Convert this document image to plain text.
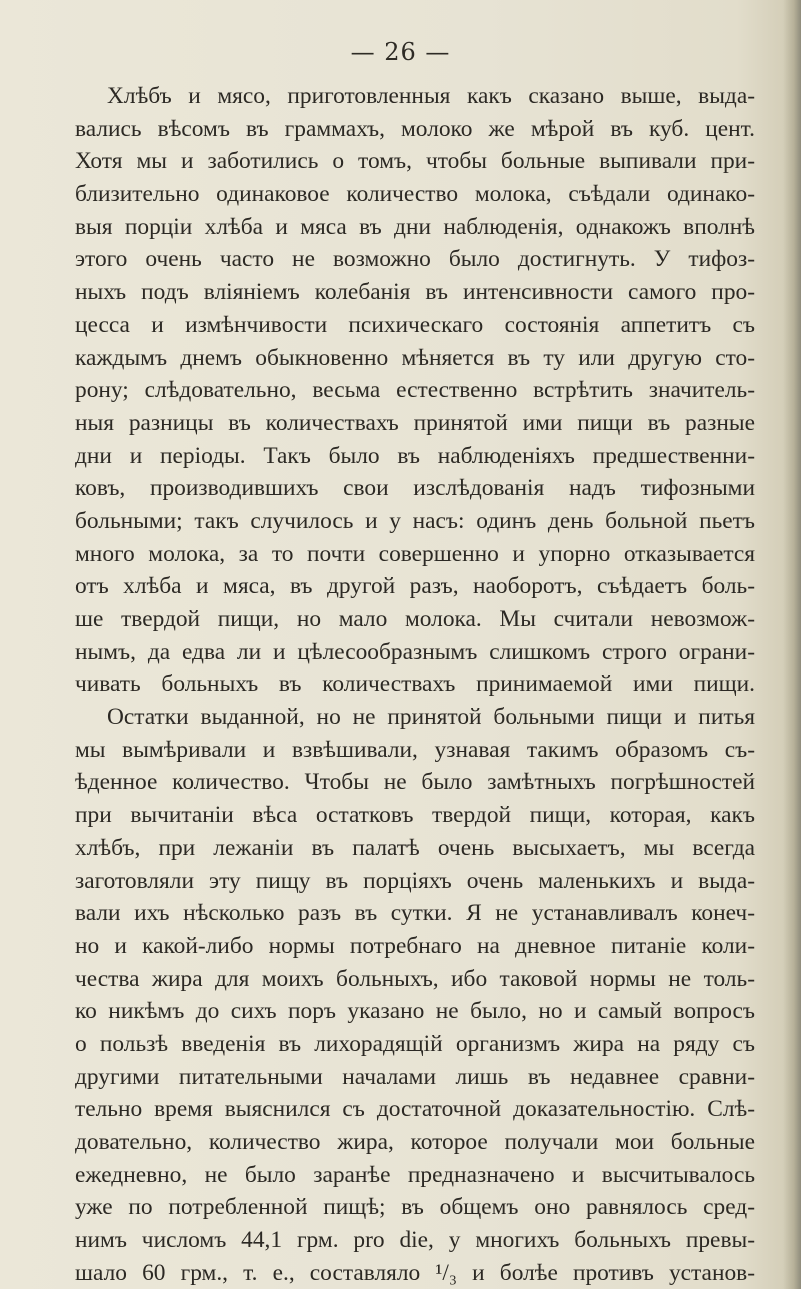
— 26 —
Хлѣбъ и мясо, приготовленныя какъ сказано выше, выда-
вались вѣсомъ въ граммахъ, молоко же мѣрой въ куб. цент.
Хотя мы и заботились о томъ, чтобы больные выпивали при-
близительно одинаковое количество молока, съѣдали одинако-
выя порціи хлѣба и мяса въ дни наблюденія, однакожъ вполнѣ
этого очень часто не возможно было достигнуть. У тифоз-
ныхъ подъ вліяніемъ колебанія въ интенсивности самого про-
цесса и измѣнчивости психическаго состоянія аппетитъ съ
каждымъ днемъ обыкновенно мѣняется въ ту или другую сто-
рону; слѣдовательно, весьма естественно встрѣтить значитель-
ныя разницы въ количествахъ принятой ими пищи въ разные
дни и періоды. Такъ было въ наблюденіяхъ предшественни-
ковъ, производившихъ свои изслѣдованія надъ тифозными
больными; такъ случилось и у насъ: одинъ день больной пьетъ
много молока, за то почти совершенно и упорно отказывается
отъ хлѣба и мяса, въ другой разъ, наоборотъ, съѣдаетъ боль-
ше твердой пищи, но мало молока. Мы считали невозмож-
нымъ, да едва ли и цѣлесообразнымъ слишкомъ строго ограни-
чивать больныхъ въ количествахъ принимаемой ими пищи.
Остатки выданной, но не принятой больными пищи и питья
мы вымѣривали и взвѣшивали, узнавая такимъ образомъ съ-
ѣденное количество. Чтобы не было замѣтныхъ погрѣшностей
при вычитаніи вѣса остатковъ твердой пищи, которая, какъ
хлѣбъ, при лежаніи въ палатѣ очень высыхаетъ, мы всегда
заготовляли эту пищу въ порціяхъ очень маленькихъ и выда-
вали ихъ нѣсколько разъ въ сутки. Я не устанавливалъ конеч-
но и какой-либо нормы потребнаго на дневное питаніе коли-
чества жира для моихъ больныхъ, ибо таковой нормы не толь-
ко никѣмъ до сихъ поръ указано не было, но и самый вопросъ
о пользѣ введенія въ лихорадящій организмъ жира на ряду съ
другими питательными началами лишь въ недавнее сравни-
тельно время выяснился съ достаточной доказательностію. Слѣ-
довательно, количество жира, которое получали мои больные
ежедневно, не было заранѣе предназначено и высчитывалось
уже по потребленной пищѣ; въ общемъ оно равнялось сред-
нимъ числомъ 44,1 грм. pro die, у многихъ больныхъ превы-
шало 60 грм., т. е., составляло ¹/₃ и болѣе противъ установ-
